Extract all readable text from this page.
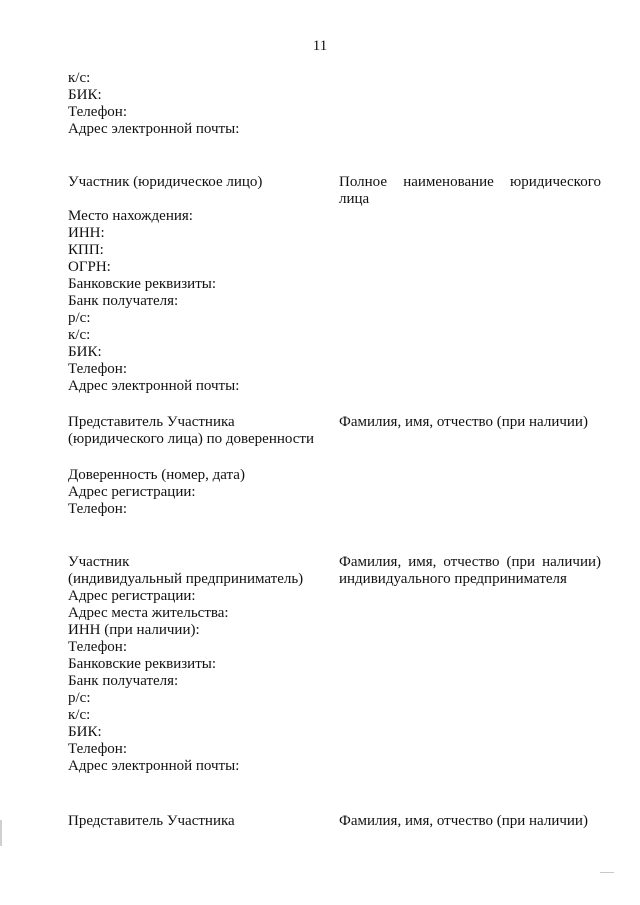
11
к/с:
БИК:
Телефон:
Адрес электронной почты:
Участник (юридическое лицо)	Полное наименование юридического
лица
Место нахождения:
ИНН:
КПП:
ОГРН:
Банковские реквизиты:
Банк получателя:
р/с:
к/с:
БИК:
Телефон:
Адрес электронной почты:
Представитель Участника
(юридического лица) по доверенности
Фамилия, имя, отчество (при наличии)
Доверенность (номер, дата)
Адрес регистрации:
Телефон:
Участник
(индивидуальный предприниматель)
Фамилия, имя, отчество (при наличии)
индивидуального предпринимателя
Адрес регистрации:
Адрес места жительства:
ИНН (при наличии):
Телефон:
Банковские реквизиты:
Банк получателя:
р/с:
к/с:
БИК:
Телефон:
Адрес электронной почты:
Представитель Участника	Фамилия, имя, отчество (при наличии)
